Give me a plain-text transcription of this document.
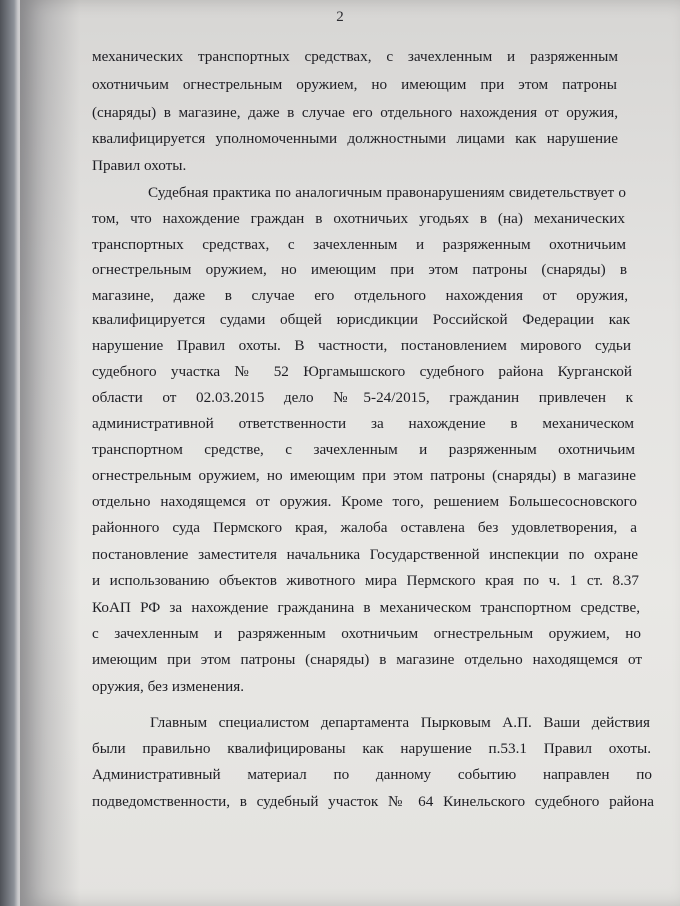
2

механических транспортных средствах, с зачехленным и разряженным

охотничьим огнестрельным оружием, но имеющим при этом патроны

(снаряды) в магазине, даже в случае его отдельного нахождения от оружия,

квалифицируется уполномоченными должностными лицами как нарушение

Правил охоты.

Судебная практика по аналогичным правонарушениям свидетельствует о

том, что нахождение граждан в охотничьих угодьях в (на) механических

транспортных средствах, с зачехленным и разряженным охотничьим

огнестрельным оружием, но имеющим при этом патроны (снаряды) в

магазине, даже в случае его отдельного нахождения от оружия,

квалифицируется судами общей юрисдикции Российской Федерации как

нарушение Правил охоты. В частности, постановлением мирового судьи

судебного участка № 52 Юргамышского судебного района Курганской

области от 02.03.2015 дело №5-24/2015, гражданин привлечен к

административной ответственности за нахождение в механическом

транспортном средстве, с зачехленным и разряженным охотничьим

огнестрельным оружием, но имеющим при этом патроны (снаряды) в магазине

отдельно находящемся от оружия. Кроме того, решением Большесосновского

районного суда Пермского края, жалоба оставлена без удовлетворения, а

постановление заместителя начальника Государственной инспекции по охране

и использованию объектов животного мира Пермского края по ч. 1 ст. 8.37

КоАП РФ за нахождение гражданина в механическом транспортном средстве,

с зачехленным и разряженным охотничьим огнестрельным оружием, но

имеющим при этом патроны (снаряды) в магазине отдельно находящемся от

оружия, без изменения.

Главным специалистом департамента Пырковым А.П. Ваши действия

были правильно квалифицированы как нарушение п.53.1 Правил охоты.

Административный материал по данному событию направлен по

подведомственности, в судебный участок № 64 Кинельского судебного района
